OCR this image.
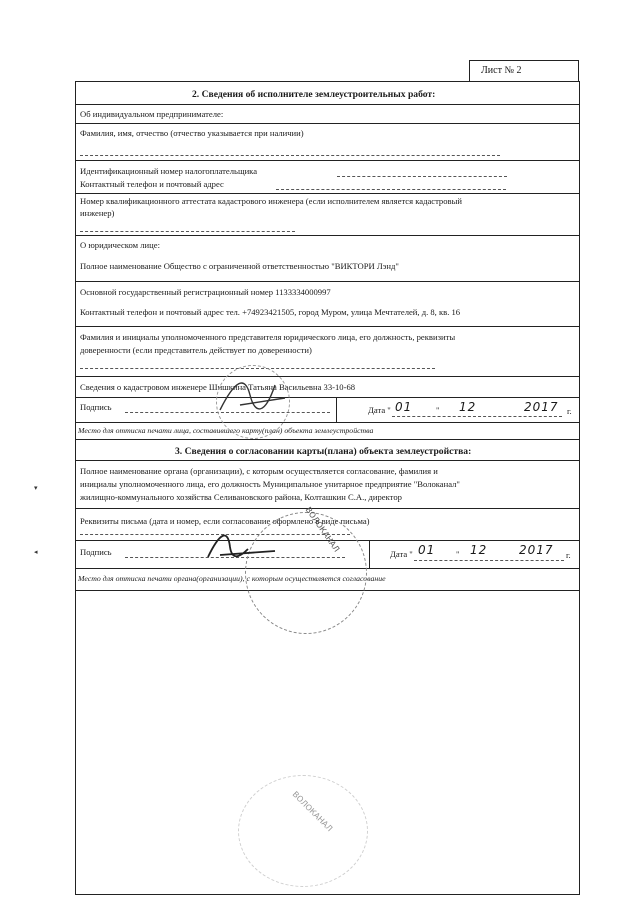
Лист № 2
2. Сведения об исполнителе землеустроительных работ:
Об индивидуальном предпринимателе:
Фамилия, имя, отчество (отчество указывается при наличии)
Идентификационный номер налогоплательщика
Контактный телефон и почтовый адрес
Номер квалификационного аттестата кадастрового инженера (если исполнителем является кадастровый
инженер)
О юридическом лице:
Полное наименование Общество с ограниченной ответственностью "ВИКТОРИ Лэнд"
Основной государственный регистрационный номер 1133334000997
Контактный телефон и почтовый адрес тел. +74923421505, город Муром, улица Мечтателей, д. 8, кв. 16
Фамилия и инициалы уполномоченного представителя юридического лица, его должность, реквизиты
доверенности (если представитель действует по доверенности)
Сведения о кадастровом инженере Шишкина Татьяна Васильевна 33-10-68
Подпись	Дата " 01	" 12	2017 г.
Место для оттиска печати лица, составившего карту(план) объекта землеустройства
3. Сведения о согласовании карты(плана) объекта землеустройства:
Полное наименование органа (организации), с которым осуществляется согласование, фамилия и
инициалы уполномоченного лица, его должность Муниципальное унитарное предприятие "Волоканал"
жилищно-коммунального хозяйства Селивановского района, Колташкин С.А., директор
Реквизиты письма (дата и номер, если согласование оформлено в виде письма)
Подпись	Дата " 01 " 12	2017 г.
Место для оттиска печати органа(организации), с которым осуществляется согласование
ВОЛОКАНАЛ
ВОЛОКАНАЛ
▾
◂
